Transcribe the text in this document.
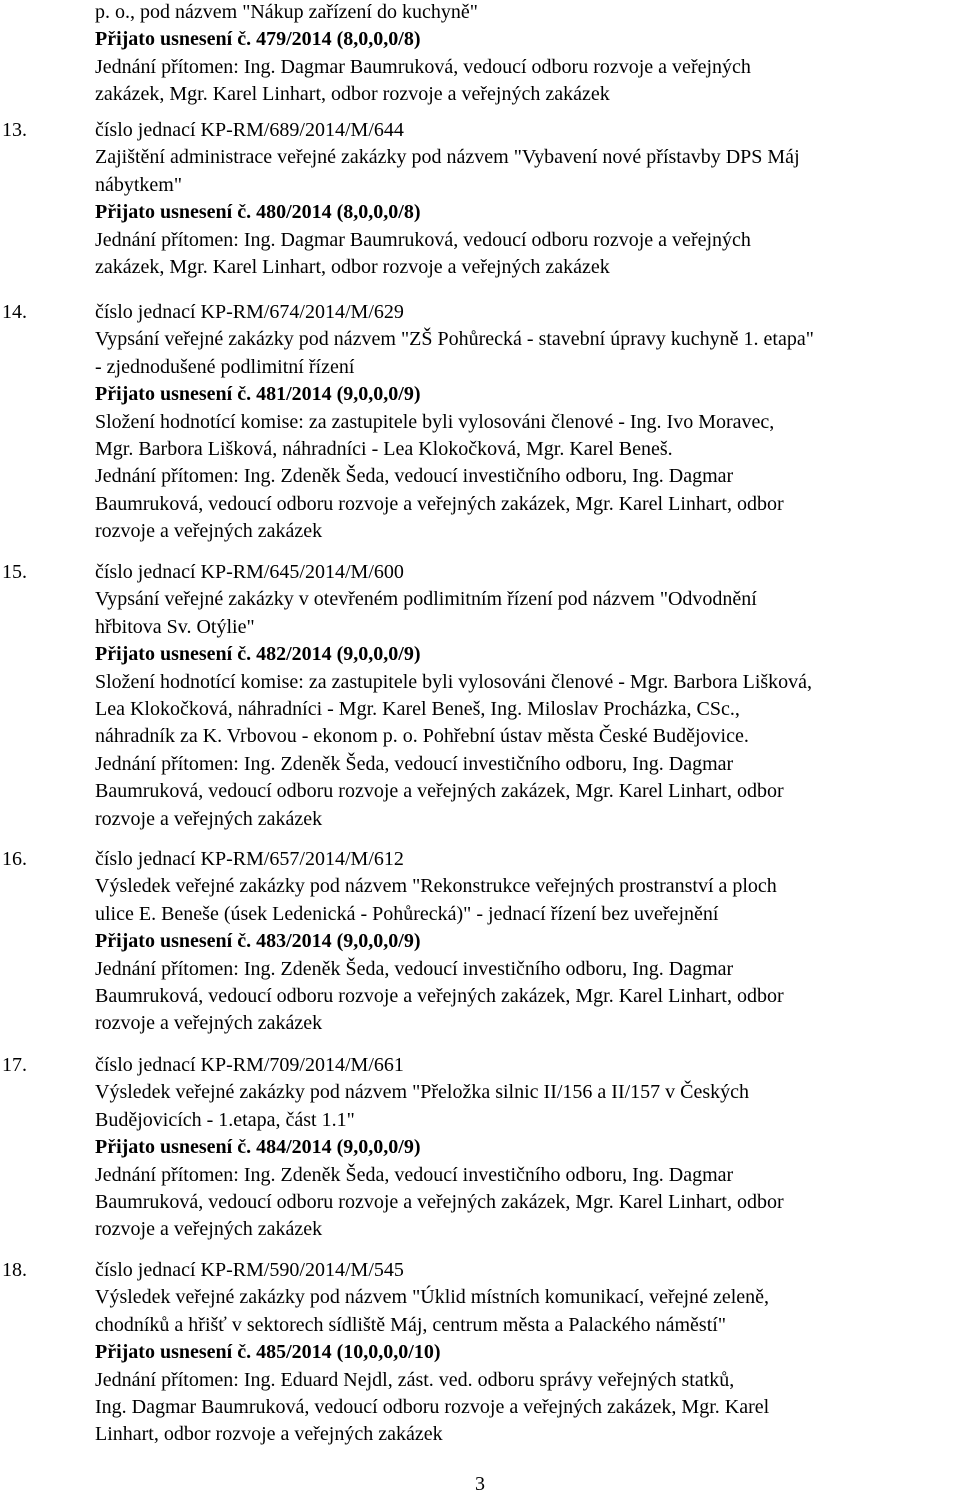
p. o., pod názvem "Nákup zařízení do kuchyně"
Přijato usnesení č. 479/2014 (8,0,0,0/8)
Jednání přítomen: Ing. Dagmar Baumruková, vedoucí odboru rozvoje a veřejných
zakázek, Mgr. Karel Linhart, odbor rozvoje a veřejných zakázek
13.	číslo jednací KP-RM/689/2014/M/644
Zajištění administrace veřejné zakázky pod názvem "Vybavení nové přístavby DPS Máj
nábytkem"
Přijato usnesení č. 480/2014 (8,0,0,0/8)
Jednání přítomen: Ing. Dagmar Baumruková, vedoucí odboru rozvoje a veřejných
zakázek, Mgr. Karel Linhart, odbor rozvoje a veřejných zakázek
14.	číslo jednací KP-RM/674/2014/M/629
Vypsání veřejné zakázky pod názvem "ZŠ Pohůrecká - stavební úpravy kuchyně 1. etapa"
- zjednodušené podlimitní řízení
Přijato usnesení č. 481/2014 (9,0,0,0/9)
Složení hodnotící komise: za zastupitele byli vylosováni členové - Ing. Ivo Moravec,
Mgr. Barbora Lišková, náhradníci - Lea Klokočková, Mgr. Karel Beneš.
Jednání přítomen: Ing. Zdeněk Šeda, vedoucí investičního odboru, Ing. Dagmar
Baumruková, vedoucí odboru rozvoje a veřejných zakázek, Mgr. Karel Linhart, odbor
rozvoje a veřejných zakázek
15.	číslo jednací KP-RM/645/2014/M/600
Vypsání veřejné zakázky v otevřeném podlimitním řízení pod názvem "Odvodnění
hřbitova Sv. Otýlie"
Přijato usnesení č. 482/2014 (9,0,0,0/9)
Složení hodnotící komise: za zastupitele byli vylosováni členové - Mgr. Barbora Lišková,
Lea Klokočková, náhradníci - Mgr. Karel Beneš, Ing. Miloslav Procházka, CSc.,
náhradník za K. Vrbovou - ekonom p. o. Pohřební ústav města České Budějovice.
Jednání přítomen: Ing. Zdeněk Šeda, vedoucí investičního odboru, Ing. Dagmar
Baumruková, vedoucí odboru rozvoje a veřejných zakázek, Mgr. Karel Linhart, odbor
rozvoje a veřejných zakázek
16.	číslo jednací KP-RM/657/2014/M/612
Výsledek veřejné zakázky pod názvem "Rekonstrukce veřejných prostranství a ploch
ulice E. Beneše (úsek Ledenická - Pohůrecká)" - jednací řízení bez uveřejnění
Přijato usnesení č. 483/2014 (9,0,0,0/9)
Jednání přítomen: Ing. Zdeněk Šeda, vedoucí investičního odboru, Ing. Dagmar
Baumruková, vedoucí odboru rozvoje a veřejných zakázek, Mgr. Karel Linhart, odbor
rozvoje a veřejných zakázek
17.	číslo jednací KP-RM/709/2014/M/661
Výsledek veřejné zakázky pod názvem "Přeložka silnic II/156 a II/157 v Českých
Budějovicích - 1.etapa, část 1.1"
Přijato usnesení č. 484/2014 (9,0,0,0/9)
Jednání přítomen: Ing. Zdeněk Šeda, vedoucí investičního odboru, Ing. Dagmar
Baumruková, vedoucí odboru rozvoje a veřejných zakázek, Mgr. Karel Linhart, odbor
rozvoje a veřejných zakázek
18.	číslo jednací KP-RM/590/2014/M/545
Výsledek veřejné zakázky pod názvem "Úklid místních komunikací, veřejné zeleně,
chodníků a hřišť v sektorech sídliště Máj, centrum města a Palackého náměstí"
Přijato usnesení č. 485/2014 (10,0,0,0/10)
Jednání přítomen: Ing. Eduard Nejdl, zást. ved. odboru správy veřejných statků,
Ing. Dagmar Baumruková, vedoucí odboru rozvoje a veřejných zakázek, Mgr. Karel
Linhart, odbor rozvoje a veřejných zakázek
3
